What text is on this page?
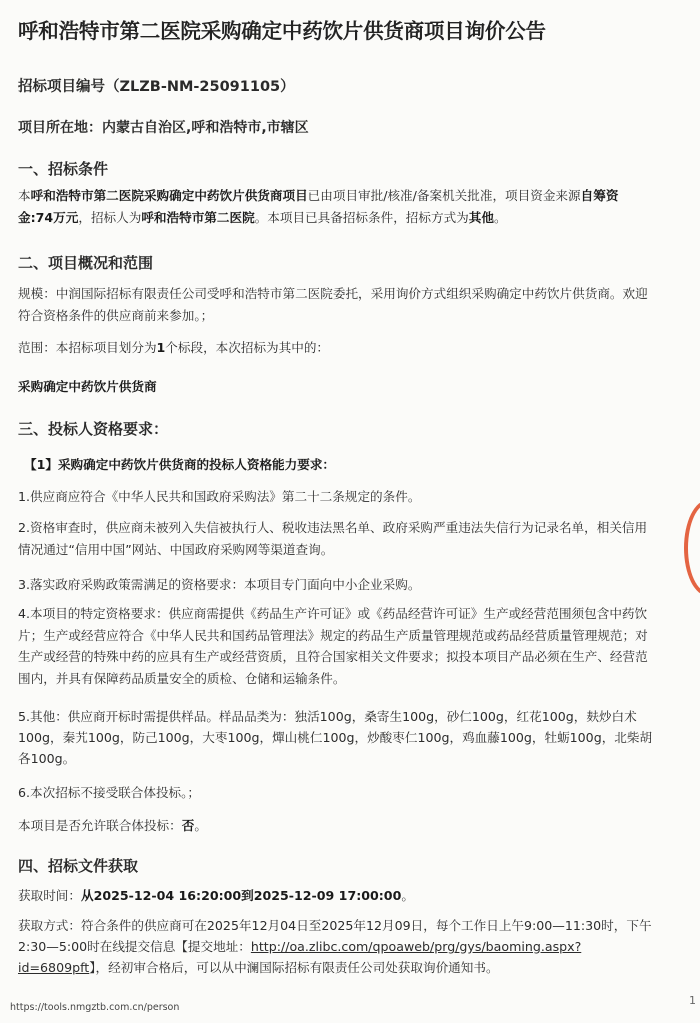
呼和浩特市第二医院采购确定中药饮片供货商项目询价公告
招标项目编号（ZLZB-NM-25091105）
项目所在地：内蒙古自治区,呼和浩特市,市辖区
一、招标条件
本呼和浩特市第二医院采购确定中药饮片供货商项目已由项目审批/核准/备案机关批准，项目资金来源自筹资
金:74万元，招标人为呼和浩特市第二医院。本项目已具备招标条件，招标方式为其他。
二、项目概况和范围
规模：中润国际招标有限责任公司受呼和浩特市第二医院委托，采用询价方式组织采购确定中药饮片供货商。欢迎
符合资格条件的供应商前来参加。；
范围：本招标项目划分为1个标段，本次招标为其中的：
采购确定中药饮片供货商
三、投标人资格要求：
【1】采购确定中药饮片供货商的投标人资格能力要求：
1.供应商应符合《中华人民共和国政府采购法》第二十二条规定的条件。
2.资格审查时，供应商未被列入失信被执行人、税收违法黑名单、政府采购严重违法失信行为记录名单，相关信用
情况通过“信用中国”网站、中国政府采购网等渠道查询。
3.落实政府采购政策需满足的资格要求：本项目专门面向中小企业采购。
4.本项目的特定资格要求：供应商需提供《药品生产许可证》或《药品经营许可证》生产或经营范围须包含中药饮
片；生产或经营应符合《中华人民共和国药品管理法》规定的药品生产质量管理规范或药品经营质量管理规范；对
生产或经营的特殊中药的应具有生产或经营资质，且符合国家相关文件要求；拟投本项目产品必须在生产、经营范
围内，并具有保障药品质量安全的质检、仓储和运输条件。
5.其他：供应商开标时需提供样品。样品品类为：独活100g，桑寄生100g，砂仁100g，红花100g，麸炒白术
100g，秦艽100g，防己100g，大枣100g，燀山桃仁100g，炒酸枣仁100g，鸡血藤100g，牡蛎100g，北柴胡
各100g。
6.本次招标不接受联合体投标。；
本项目是否允许联合体投标：否。
四、招标文件获取
获取时间：从2025-12-04 16:20:00到2025-12-09 17:00:00。
获取方式：符合条件的供应商可在2025年12月04日至2025年12月09日，每个工作日上午9:00—11:30时，下午
2:30—5:00时在线提交信息【提交地址：http://oa.zlibc.com/qpoaweb/prg/gys/baoming.aspx?
id=6809pft】，经初审合格后，可以从中澜国际招标有限责任公司处获取询价通知书。
https://tools.nmgztb.com.cn/person
1
